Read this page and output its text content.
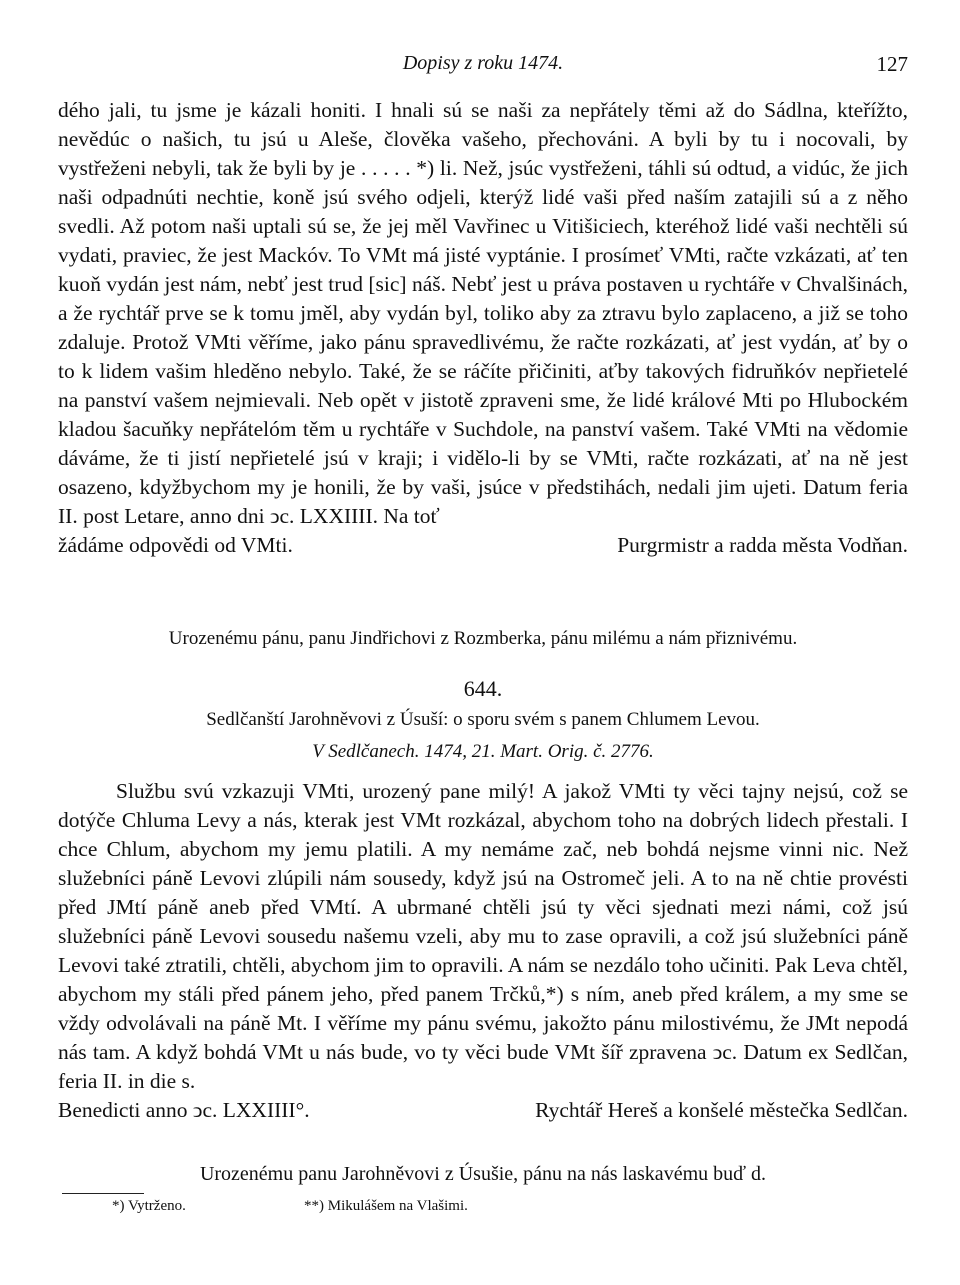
Dopisy z roku 1474.	127

dého jali, tu jsme je kázali honiti. I hnali sú se naši za nepřátely těmi až do Sádlna, kteřížto, nevědúc o našich, tu jsú u Aleše, člověka vašeho, přechováni. A byli by tu i nocovali, by vystřeženi nebyli, tak že byli by je . . . . . *) li. Než, jsúc vystřeženi, táhli sú odtud, a vidúc, že jich naši odpadnúti nechtie, koně jsú svého odjeli, kterýž lidé vaši před naším zatajili sú a z něho svedli. Až potom naši uptali sú se, že jej měl Vavřinec u Vitišiciech, kteréhož lidé vaši nechtěli sú vydati, praviec, že jest Mackóv. To VMt má jisté vyptánie. I prosímeť VMti, račte vzkázati, ať ten kuoň vydán jest nám, nebť jest trud [sic] náš. Nebť jest u práva postaven u rychtáře v Chvalšinách, a že rychtář prve se k tomu jměl, aby vydán byl, toliko aby za ztravu bylo zaplaceno, a již se toho zdaluje. Protož VMti věříme, jako pánu spravedlivému, že račte rozkázati, ať jest vydán, ať by o to k lidem vašim hleděno nebylo. Také, že se ráčíte přičiniti, aťby takových fidruňkóv nepřietelé na panství vašem nejmievali. Neb opět v jistotě zpraveni sme, že lidé králové Mti po Hlubockém kladou šacuňky nepřátelóm těm u rychtáře v Suchdole, na panství vašem. Také VMti na vědomie dáváme, že ti jistí nepřietelé jsú v kraji; i vidělo-li by se VMti, račte rozkázati, ať na ně jest osazeno, kdyžbychom my je honili, že by vaši, jsúce v předstihách, nedali jim ujeti. Datum feria II. post Letare, anno dni ↄc. LXXIIII. Na toť

žádáme odpovědi od VMti.	Purgrmistr a radda města Vodňan.
Urozenému pánu, panu Jindřichovi z Rozmberka, pánu milému a nám přiznivému.
644.
Sedlčanští Jarohněvovi z Úsuší: o sporu svém s panem Chlumem Levou.
V Sedlčanech. 1474, 21. Mart. Orig. č. 2776.

Službu svú vzkazuji VMti, urozený pane milý! A jakož VMti ty věci tajny nejsú, což se dotýče Chluma Levy a nás, kterak jest VMt rozkázal, abychom toho na dobrých lidech přestali. I chce Chlum, abychom my jemu platili. A my nemáme zač, neb bohdá nejsme vinni nic. Než služebníci páně Levovi zlúpili nám sousedy, když jsú na Ostromeč jeli. A to na ně chtie provésti před JMtí páně aneb před VMtí. A ubrmané chtěli jsú ty věci sjednati mezi námi, což jsú služebníci páně Levovi sousedu našemu vzeli, aby mu to zase opravili, a což jsú služebníci páně Levovi také ztratili, chtěli, abychom jim to opravili. A nám se nezdálo toho učiniti. Pak Leva chtěl, abychom my stáli před pánem jeho, před panem Trčků,*) s ním, aneb před králem, a my sme se vždy odvolávali na páně Mt. I věříme my pánu svému, jakožto pánu milostivému, že JMt nepodá nás tam. A když bohdá VMt u nás bude, vo ty věci bude VMt šíř zpravena ↄc. Datum ex Sedlčan, feria II. in die s.

Benedicti anno ↄc. LXXIIII°.	Rychtář Hereš a konšelé městečka Sedlčan.
Urozenému panu Jarohněvovi z Úsušie, pánu na nás laskavému buď d.
*) Vytrženo.	**) Mikulášem na Vlašimi.
